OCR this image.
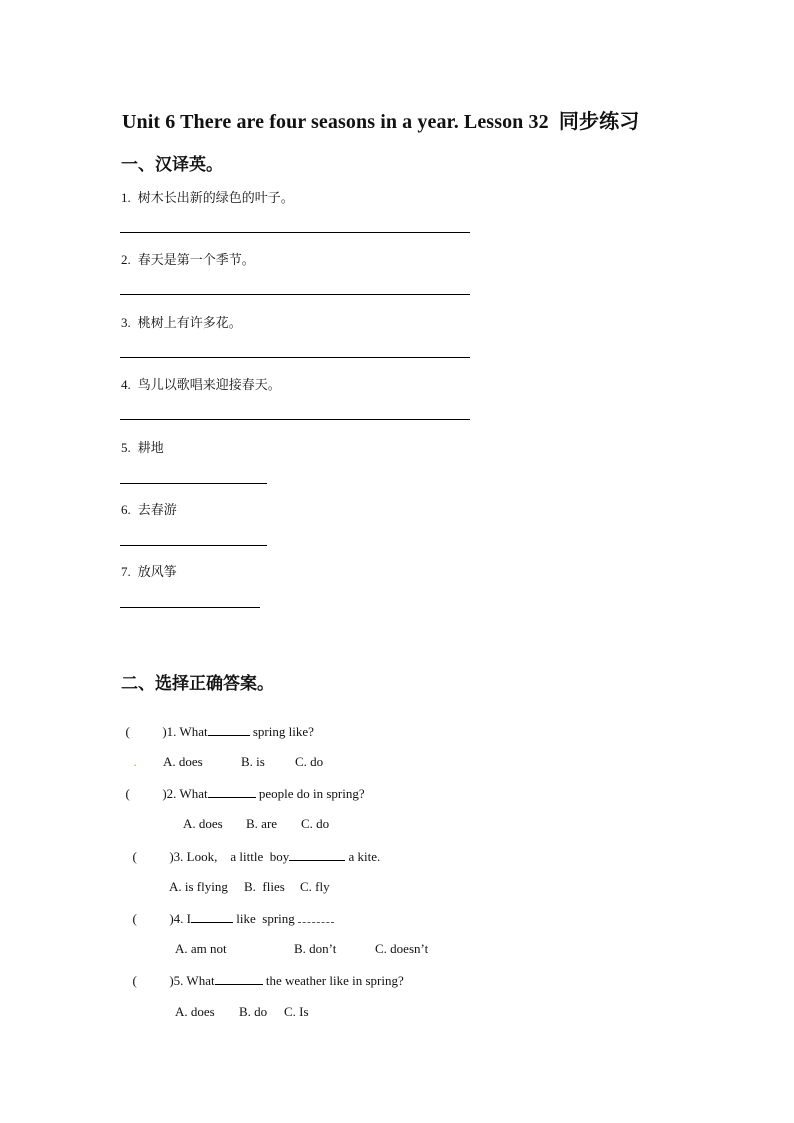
Unit 6 There are four seasons in a year. Lesson 32  同步练习
一、汉译英。
1. 树木长出新的绿色的叶子。
2. 春天是第一个季节。
3. 桃树上有许多花。
4. 鸟儿以歌唱来迎接春天。
5. 耕地
6. 去春游
7. 放风筝
二、选择正确答案。

(          )1. What	spring like?

. A. does	B. is C. do

(          )2. What	people do in spring?

A. does B. are C. do

(          )3. Look,    a little  boy	a kite.

A. is flying B.  flies C. fly

(          )4. I	like  spring

A. am not	B. don’t	C. doesn’t

(          )5. What	the weather like in spring?

A. does B. do C. Is
